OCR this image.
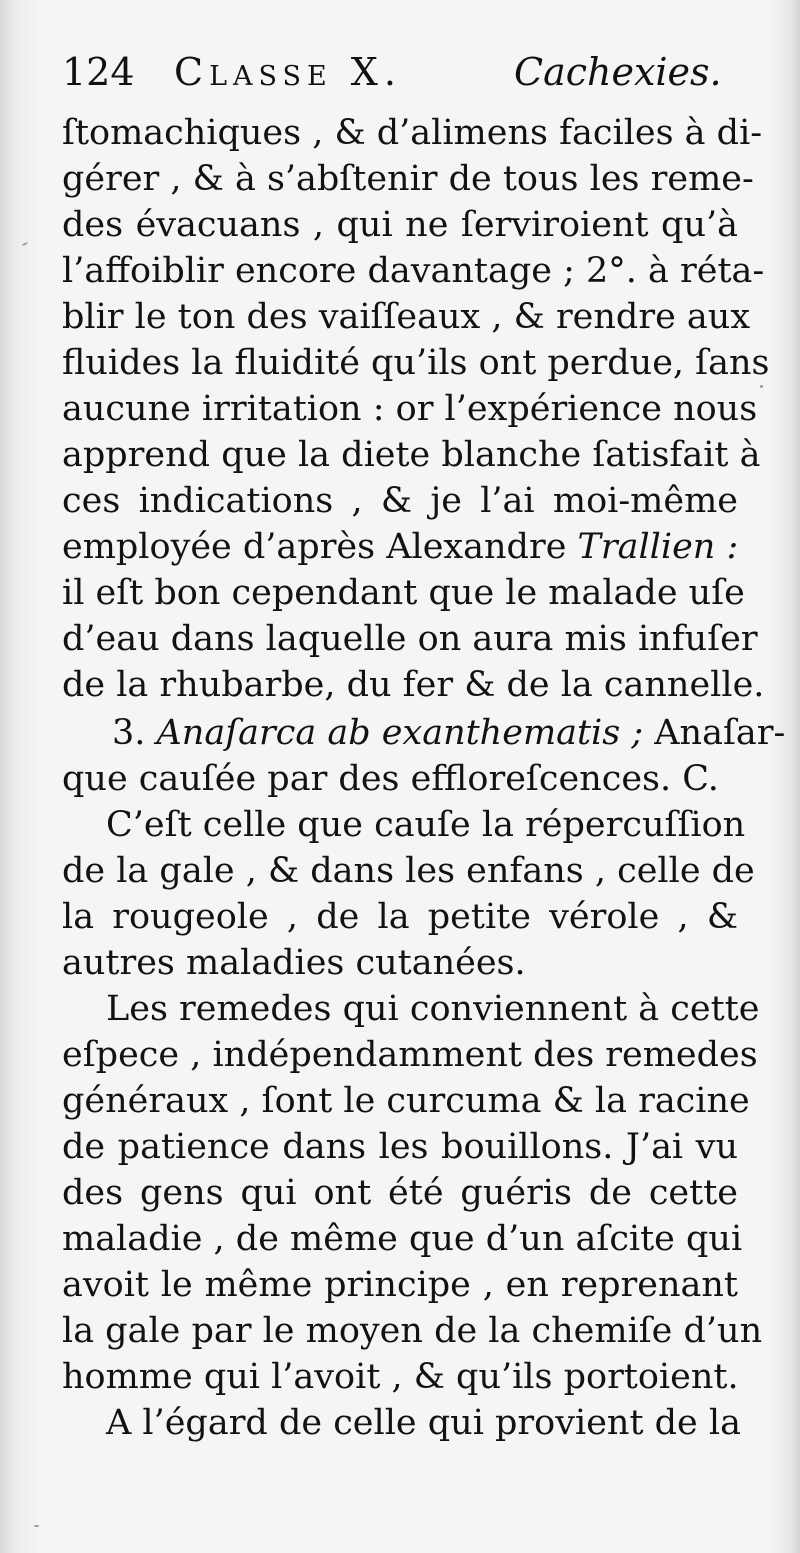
124 Classe X.	Cachexies.
ſtomachiques , & d’alimens faciles à di-
gérer , & à s’abſtenir de tous les reme-
des évacuans , qui ne ſerviroient qu’à
l’affoiblir encore davantage ; 2°. à réta-
blir le ton des vaiſſeaux , & rendre aux
fluides la fluidité qu’ils ont perdue, ſans
aucune irritation : or l’expérience nous
apprend que la diete blanche ſatisfait à
ces indications , & je l’ai moi-même
employée d’après Alexandre Trallien :
il eſt bon cependant que le malade uſe
d’eau dans laquelle on aura mis infuſer
de la rhubarbe, du fer & de la cannelle.
3. Anaſarca ab exanthematis ; Anaſar-
que cauſée par des efflоreſcences. C.
C’eſt celle que cauſe la répercuſſion
de la gale , & dans les enfans , celle de
la rougeole , de la petite vérole , &
autres maladies cutanées.
Les remedes qui conviennent à cette
eſpece , indépendamment des remedes
généraux , ſont le curcuma & la racine
de patience dans les bouillons. J’ai vu
des gens qui ont été guéris de cette
maladie , de même que d’un aſcite qui
avoit le même principe , en reprenant
la gale par le moyen de la chemiſe d’un
homme qui l’avoit , & qu’ils portoient.
A l’égard de celle qui provient de la
